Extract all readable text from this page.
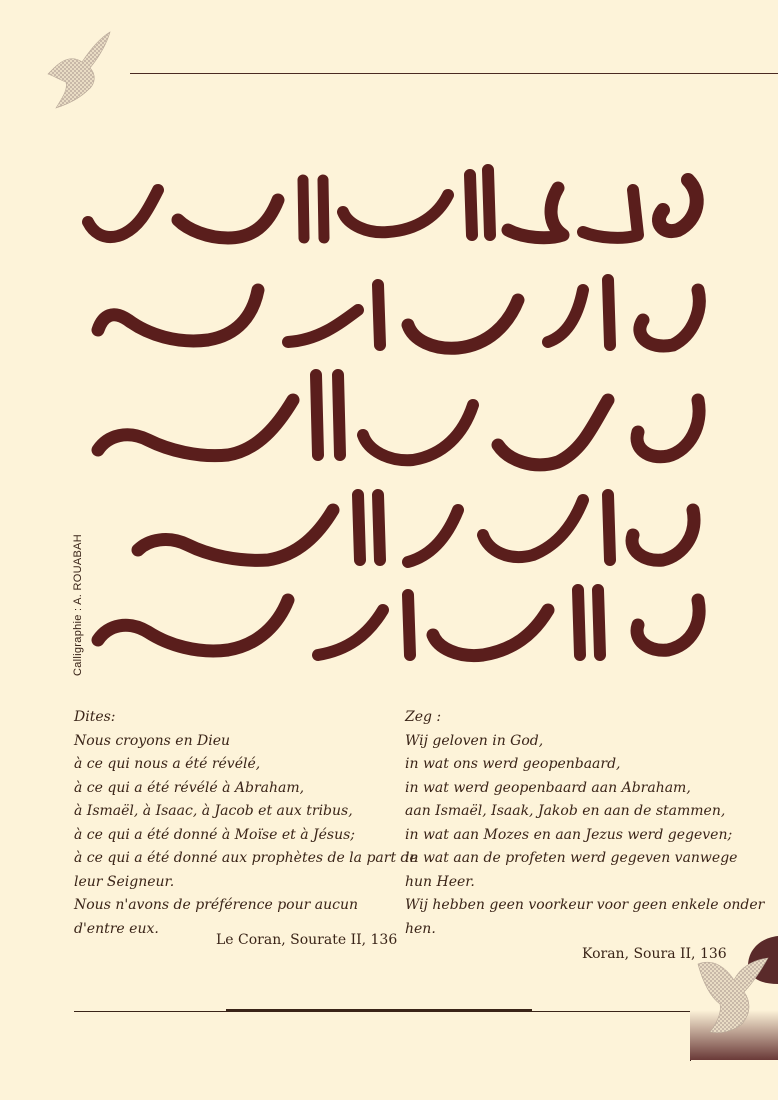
Calligraphie : A. ROUABAH
Dites:
Nous croyons en Dieu
à ce qui nous a été révélé,
à ce qui a été révélé à Abraham,
à Ismaël, à Isaac, à Jacob et aux tribus,
à ce qui a été donné à Moïse et à Jésus;
à ce qui a été donné aux prophètes de la part de
leur Seigneur.
Nous n'avons de préférence pour aucun
d'entre eux.
Zeg :
Wij geloven in God,
in wat ons werd geopenbaard,
in wat werd geopenbaard aan Abraham,
aan Ismaël, Isaak, Jakob en aan de stammen,
in wat aan Mozes en aan Jezus werd gegeven;
in wat aan de profeten werd gegeven vanwege
hun Heer.
Wij hebben geen voorkeur voor geen enkele onder
hen.
Le Coran, Sourate II, 136
Koran, Soura II, 136
